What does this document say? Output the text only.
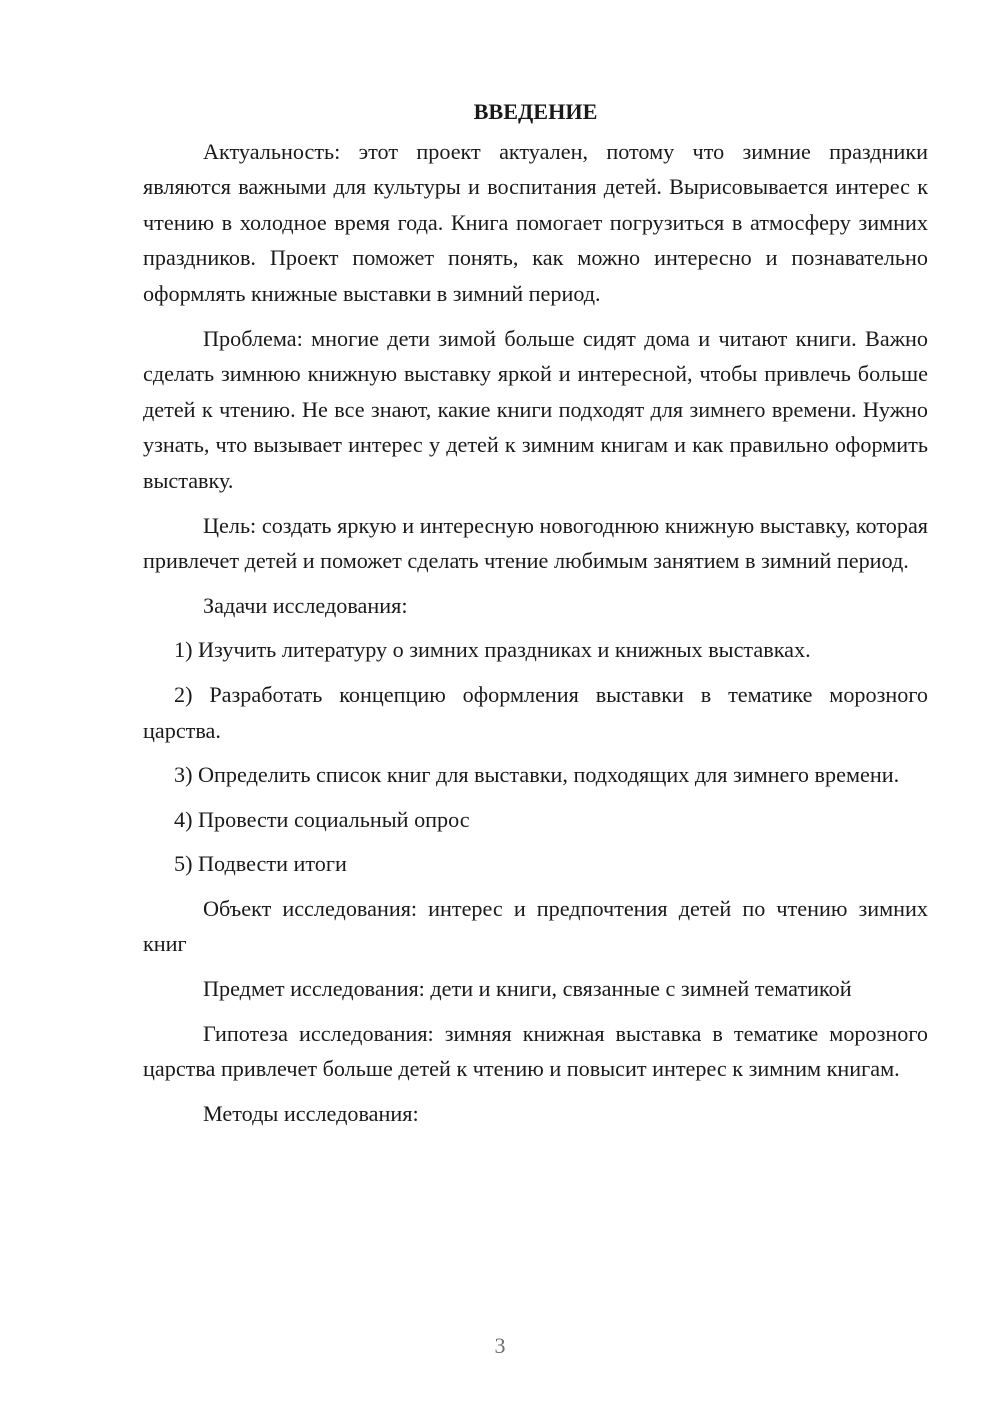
ВВЕДЕНИЕ

Актуальность: этот проект актуален, потому что зимние праздники являются важными для культуры и воспитания детей. Вырисовывается интерес к чтению в холодное время года. Книга помогает погрузиться в атмосферу зимних праздников. Проект поможет понять, как можно интересно и познавательно оформлять книжные выставки в зимний период.

Проблема: многие дети зимой больше сидят дома и читают книги. Важно сделать зимнюю книжную выставку яркой и интересной, чтобы привлечь больше детей к чтению. Не все знают, какие книги подходят для зимнего времени. Нужно узнать, что вызывает интерес у детей к зимним книгам и как правильно оформить выставку.

Цель: создать яркую и интересную новогоднюю книжную выставку, которая привлечет детей и поможет сделать чтение любимым занятием в зимний период.

Задачи исследования:

1) Изучить литературу о зимних праздниках и книжных выставках.

2) Разработать концепцию оформления выставки в тематике морозного царства.

3) Определить список книг для выставки, подходящих для зимнего времени.

4) Провести социальный опрос

5) Подвести итоги

Объект исследования: интерес и предпочтения детей по чтению зимних книг

Предмет исследования: дети и книги, связанные с зимней тематикой

Гипотеза исследования: зимняя книжная выставка в тематике морозного царства привлечет больше детей к чтению и повысит интерес к зимним книгам.

Методы исследования:

3
